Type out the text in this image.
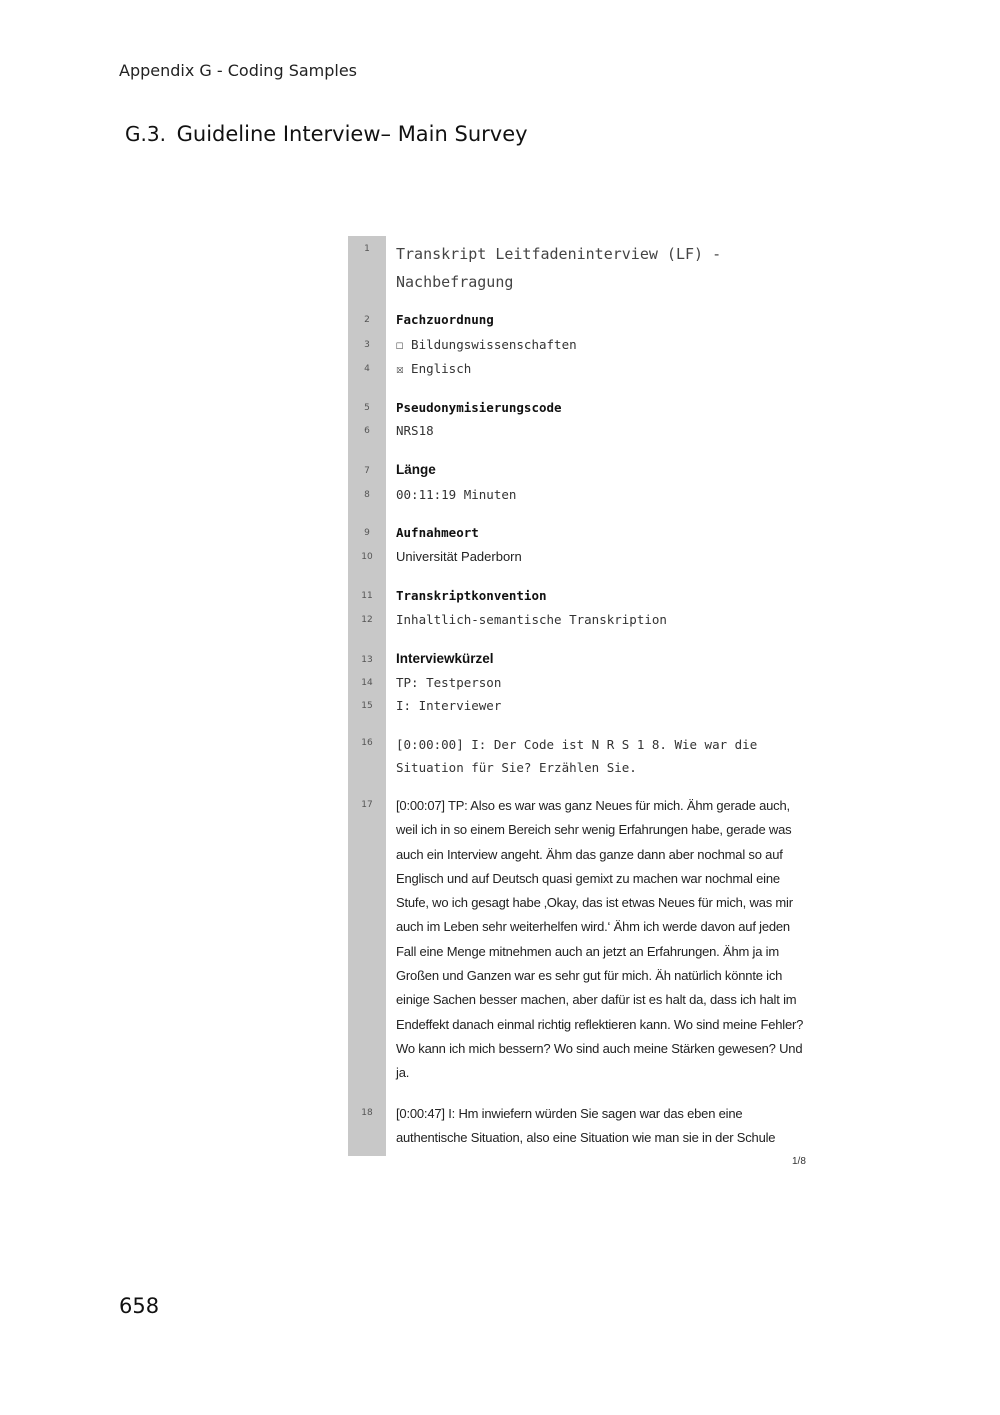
Appendix G - Coding Samples
G.3. Guideline Interview– Main Survey
1	Transkript Leitfadeninterview (LF) - Nachbefragung
2	Fachzuordnung
3	☐ Bildungswissenschaften
4	☒ Englisch
5	Pseudonymisierungscode
6	NRS18
7	Länge
8	00:11:19 Minuten
9	Aufnahmeort
10	Universität Paderborn
11	Transkriptkonvention
12	Inhaltlich-semantische Transkription
13	Interviewkürzel
14	TP: Testperson
15	I: Interviewer
16	[0:00:00] I: Der Code ist N R S 1 8. Wie war die Situation für Sie? Erzählen Sie.
17	[0:00:07] TP: Also es war was ganz Neues für mich. Ähm gerade auch, weil ich in so einem Bereich sehr wenig Erfahrungen habe, gerade was auch ein Interview angeht. Ähm das ganze dann aber nochmal so auf Englisch und auf Deutsch quasi gemixt zu machen war nochmal eine Stufe, wo ich gesagt habe ‚Okay, das ist etwas Neues für mich, was mir auch im Leben sehr weiterhelfen wird.‘ Ähm ich werde davon auf jeden Fall eine Menge mitnehmen auch an jetzt an Erfahrungen. Ähm ja im Großen und Ganzen war es sehr gut für mich. Äh natürlich könnte ich einige Sachen besser machen, aber dafür ist es halt da, dass ich halt im Endeffekt danach einmal richtig reflektieren kann. Wo sind meine Fehler? Wo kann ich mich bessern? Wo sind auch meine Stärken gewesen? Und ja.
18	[0:00:47] I: Hm inwiefern würden Sie sagen war das eben eine authentische Situation, also eine Situation wie man sie in der Schule
1/8
658
